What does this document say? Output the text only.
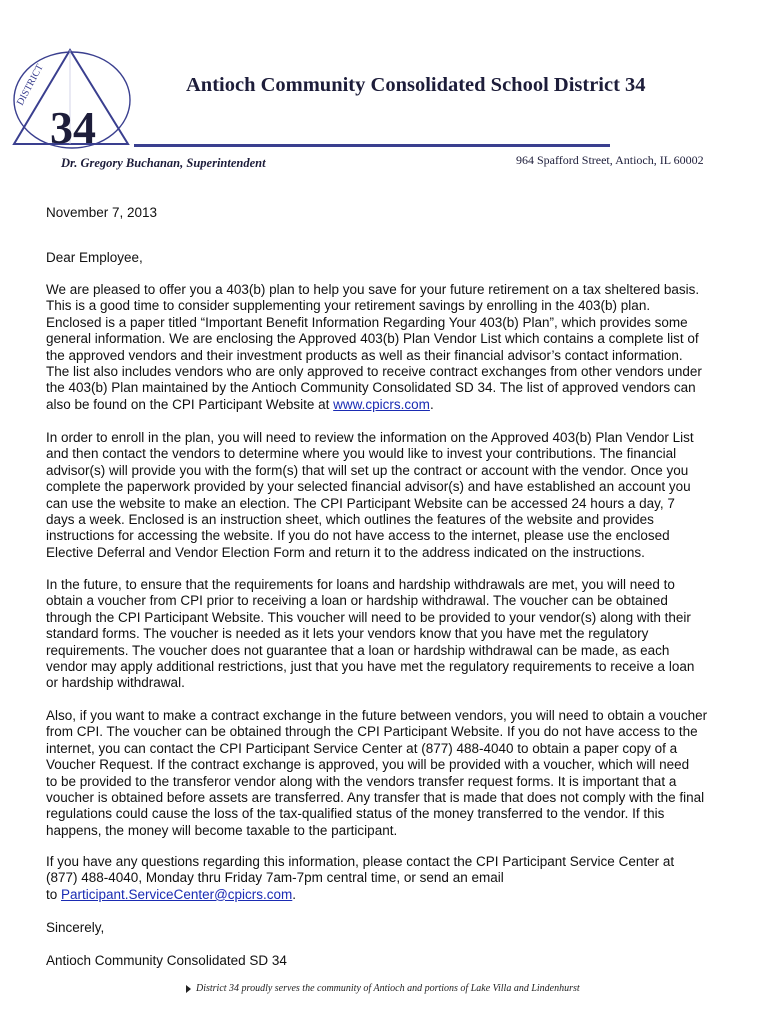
DISTRICT
34
Antioch Community Consolidated School District 34
Dr. Gregory Buchanan, Superintendent	964 Spafford Street, Antioch, IL 60002
November 7, 2013
Dear Employee,
We are pleased to offer you a 403(b) plan to help you save for your future retirement on a tax sheltered basis.
This is a good time to consider supplementing your retirement savings by enrolling in the 403(b) plan.
Enclosed is a paper titled “Important Benefit Information Regarding Your 403(b) Plan”, which provides some
general information. We are enclosing the Approved 403(b) Plan Vendor List which contains a complete list of
the approved vendors and their investment products as well as their financial advisor’s contact information.
The list also includes vendors who are only approved to receive contract exchanges from other vendors under
the 403(b) Plan maintained by the Antioch Community Consolidated SD 34. The list of approved vendors can
also be found on the CPI Participant Website at www.cpicrs.com.
In order to enroll in the plan, you will need to review the information on the Approved 403(b) Plan Vendor List
and then contact the vendors to determine where you would like to invest your contributions. The financial
advisor(s) will provide you with the form(s) that will set up the contract or account with the vendor. Once you
complete the paperwork provided by your selected financial advisor(s) and have established an account you
can use the website to make an election. The CPI Participant Website can be accessed 24 hours a day, 7
days a week. Enclosed is an instruction sheet, which outlines the features of the website and provides
instructions for accessing the website. If you do not have access to the internet, please use the enclosed
Elective Deferral and Vendor Election Form and return it to the address indicated on the instructions.
In the future, to ensure that the requirements for loans and hardship withdrawals are met, you will need to
obtain a voucher from CPI prior to receiving a loan or hardship withdrawal. The voucher can be obtained
through the CPI Participant Website. This voucher will need to be provided to your vendor(s) along with their
standard forms. The voucher is needed as it lets your vendors know that you have met the regulatory
requirements. The voucher does not guarantee that a loan or hardship withdrawal can be made, as each
vendor may apply additional restrictions, just that you have met the regulatory requirements to receive a loan
or hardship withdrawal.
Also, if you want to make a contract exchange in the future between vendors, you will need to obtain a voucher
from CPI. The voucher can be obtained through the CPI Participant Website. If you do not have access to the
internet, you can contact the CPI Participant Service Center at (877) 488-4040 to obtain a paper copy of a
Voucher Request. If the contract exchange is approved, you will be provided with a voucher, which will need
to be provided to the transferor vendor along with the vendors transfer request forms. It is important that a
voucher is obtained before assets are transferred. Any transfer that is made that does not comply with the final
regulations could cause the loss of the tax-qualified status of the money transferred to the vendor. If this
happens, the money will become taxable to the participant.
If you have any questions regarding this information, please contact the CPI Participant Service Center at
(877) 488-4040, Monday thru Friday 7am-7pm central time, or send an email
to Participant.ServiceCenter@cpicrs.com.
Sincerely,
Antioch Community Consolidated SD 34
District 34 proudly serves the community of Antioch and portions of Lake Villa and Lindenhurst
